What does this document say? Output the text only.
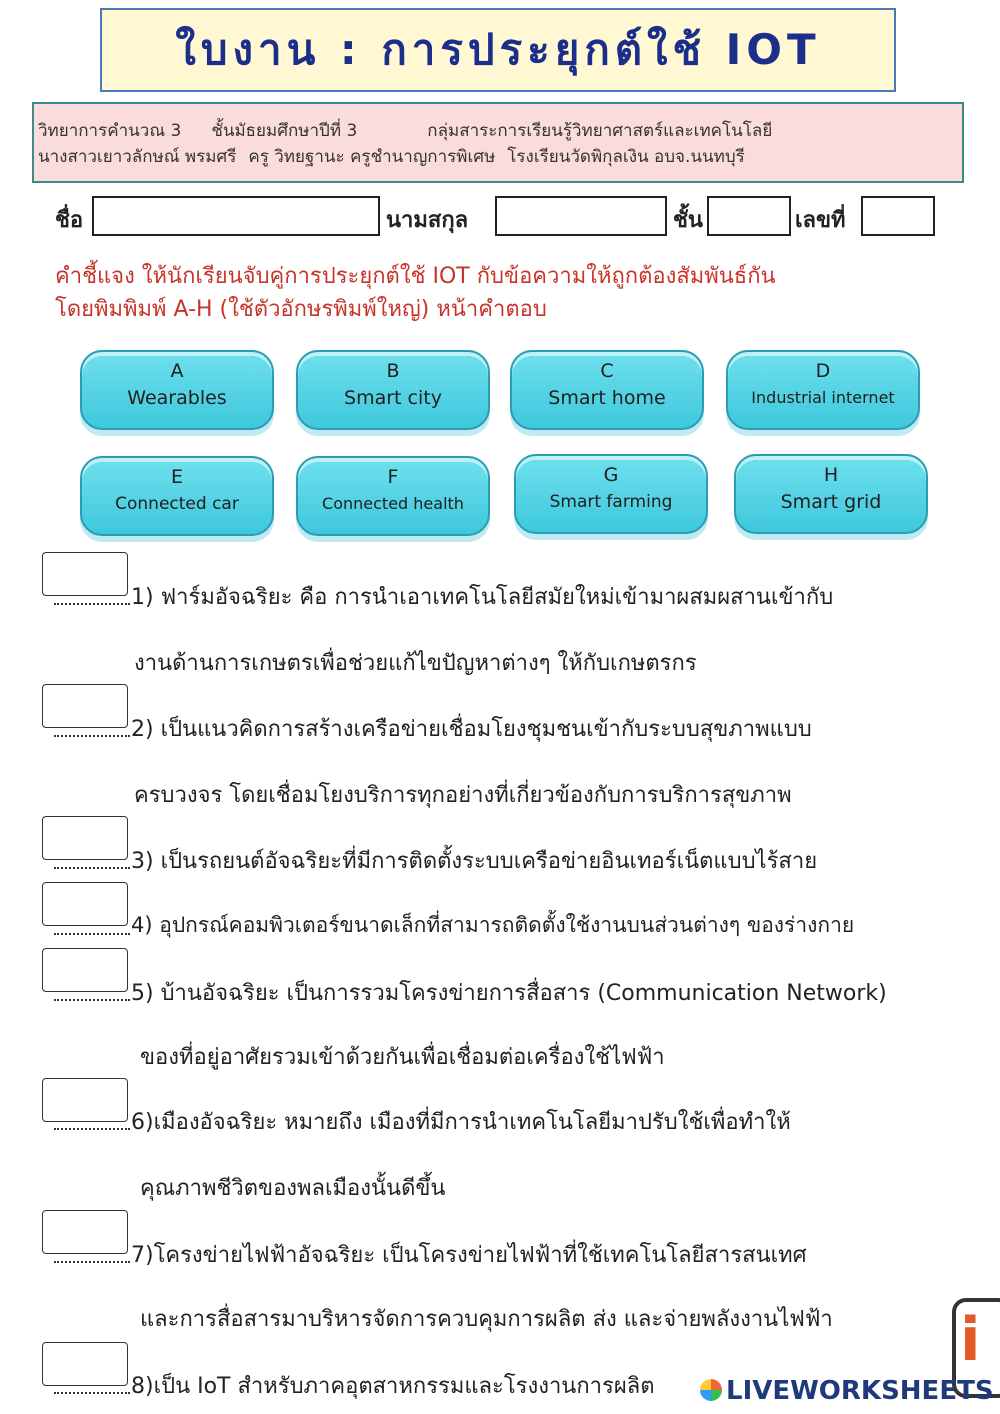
ใบงาน : การประยุกต์ใช้ IOT
วิทยาการคำนวณ 3 ชั้นมัธยมศึกษาปีที่ 3	กลุ่มสาระการเรียนรู้วิทยาศาสตร์และเทคโนโลยี
นางสาวเยาวลักษณ์ พรมศรี ครู วิทยฐานะ ครูชำนาญการพิเศษ โรงเรียนวัดพิกุลเงิน อบจ.นนทบุรี
ชื่อ	นามสกุล	ชั้น	เลขที่
คำชี้แจง ให้นักเรียนจับคู่การประยุกต์ใช้ IOT กับข้อความให้ถูกต้องสัมพันธ์กัน
โดยพิมพิมพ์ A-H (ใช้ตัวอักษรพิมพ์ใหญ่) หน้าคำตอบ
A
Wearables
B
Smart city
C
Smart home
D
Industrial internet
E
Connected car
F
Connected health
G
Smart farming
H
Smart grid
1) ฟาร์มอัจฉริยะ คือ การนำเอาเทคโนโลยีสมัยใหม่เข้ามาผสมผสานเข้ากับ
งานด้านการเกษตรเพื่อช่วยแก้ไขปัญหาต่างๆ ให้กับเกษตรกร
2) เป็นแนวคิดการสร้างเครือข่ายเชื่อมโยงชุมชนเข้ากับระบบสุขภาพแบบ
ครบวงจร โดยเชื่อมโยงบริการทุกอย่างที่เกี่ยวข้องกับการบริการสุขภาพ
3) เป็นรถยนต์อัจฉริยะที่มีการติดตั้งระบบเครือข่ายอินเทอร์เน็ตแบบไร้สาย
4) อุปกรณ์คอมพิวเตอร์ขนาดเล็กที่สามารถติดตั้งใช้งานบนส่วนต่างๆ ของร่างกาย
5) บ้านอัจฉริยะ เป็นการรวมโครงข่ายการสื่อสาร (Communication Network)
ของที่อยู่อาศัยรวมเข้าด้วยกันเพื่อเชื่อมต่อเครื่องใช้ไฟฟ้า
6)เมืองอัจฉริยะ หมายถึง เมืองที่มีการนำเทคโนโลยีมาปรับใช้เพื่อทำให้
คุณภาพชีวิตของพลเมืองนั้นดีขึ้น
7)โครงข่ายไฟฟ้าอัจฉริยะ เป็นโครงข่ายไฟฟ้าที่ใช้เทคโนโลยีสารสนเทศ
และการสื่อสารมาบริหารจัดการควบคุมการผลิต ส่ง และจ่ายพลังงานไฟฟ้า
8)เป็น IoT สำหรับภาคอุตสาหกรรมและโรงงานการผลิต
i
LIVEWORKSHEETS
